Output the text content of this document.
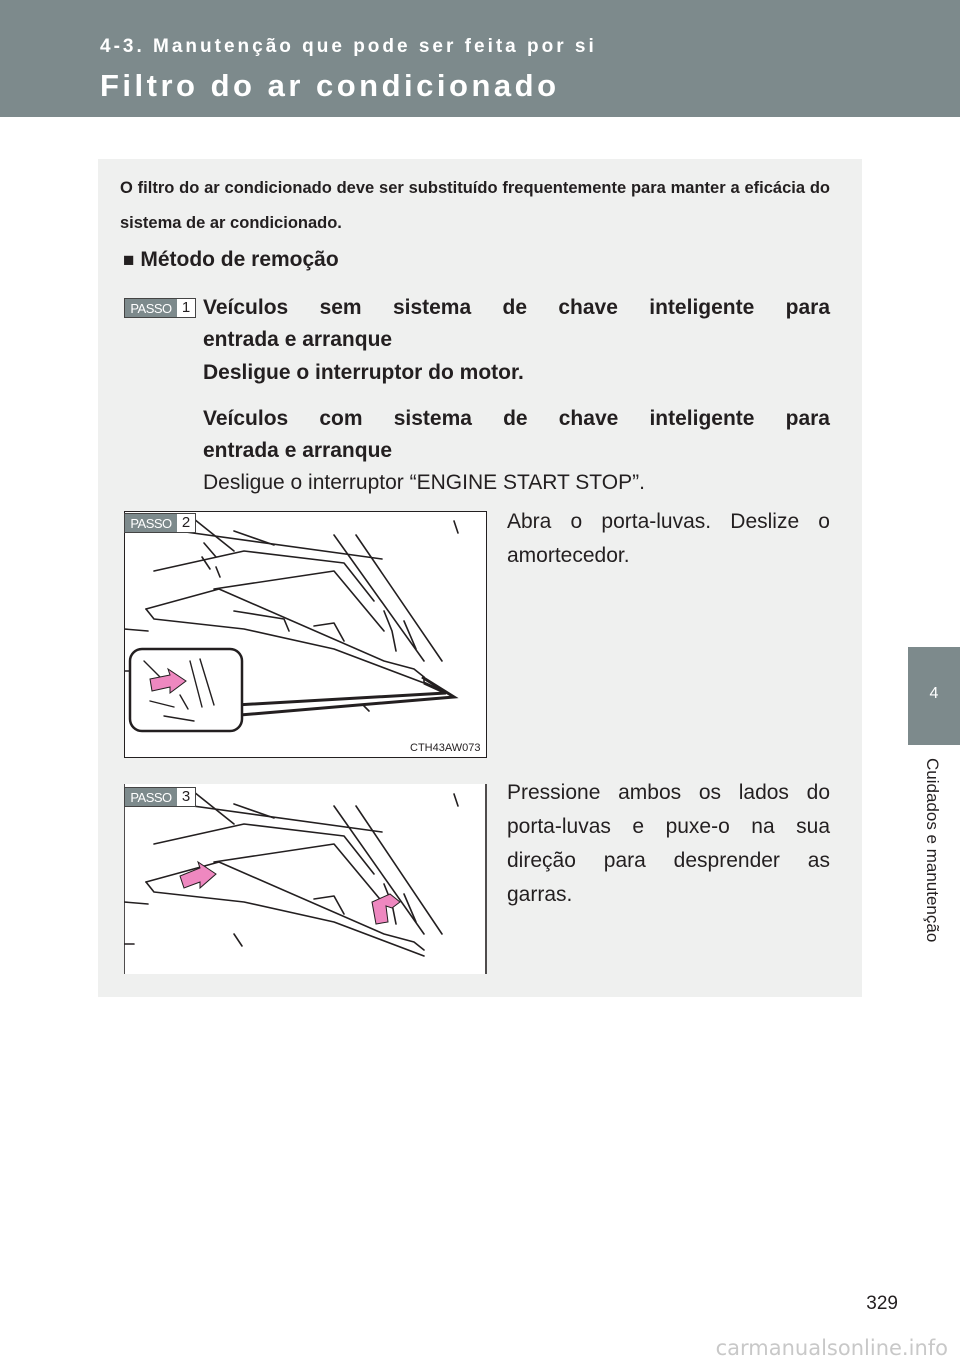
4-3. Manutenção que pode ser feita por si
Filtro do ar condicionado
4
Cuidados e manutenção
O filtro do ar condicionado deve ser substituído frequentemente para manter a eficácia do sistema de ar condicionado.
■ Método de remoção
PASSO 1 Veículos sem sistema de chave inteligente para
entrada e arranque
Desligue o interruptor do motor.
Veículos com sistema de chave inteligente para
entrada e arranque
Desligue o interruptor “ENGINE START STOP”.
PASSO 2
CTH43AW073
Abra o porta-luvas. Deslize o amortecedor.
PASSO 3	Pressione ambos os lados do porta-luvas e puxe-o na sua direção para desprender as garras.
329
carmanualsonline.info
